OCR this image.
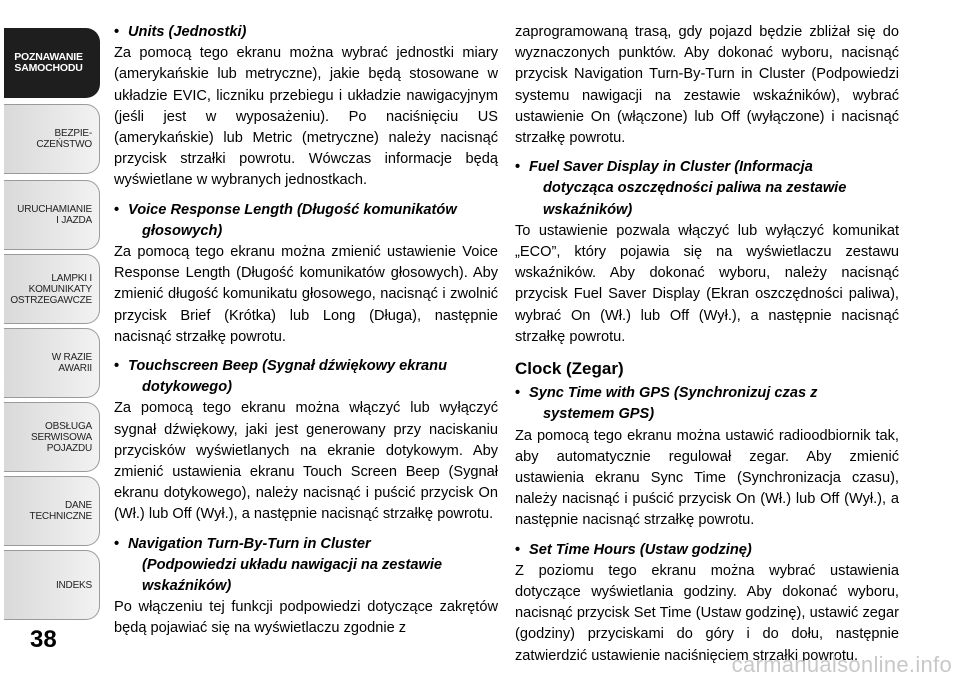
POZNAWANIE
SAMOCHODU
BEZPIE-
CZEŃSTWO
URUCHAMIANIE
I JAZDA
LAMPKI I
KOMUNIKATY
OSTRZEGAWCZE
W RAZIE
AWARII
OBSŁUGA
SERWISOWA
POJAZDU
DANE
TECHNICZNE
INDEKS
38

• Units (Jednostki)

Za pomocą tego ekranu można wybrać jednostki miary (amerykańskie lub metryczne), jakie będą stosowane w układzie EVIC, liczniku przebiegu i układzie nawigacyjnym (jeśli jest w wyposażeniu). Po naciśnięciu US (amerykańskie) lub Metric (metryczne) należy nacisnąć przycisk strzałki powrotu. Wówczas informacje będą wyświetlane w wybranych jednostkach.

• Voice Response Length (Długość komunikatów
głosowych)

Za pomocą tego ekranu można zmienić ustawienie Voice Response Length (Długość komunikatów głosowych). Aby zmienić długość komunikatu głosowego, nacisnąć i zwolnić przycisk Brief (Krótka) lub Long (Długa), następnie nacisnąć strzałkę powrotu.

• Touchscreen Beep (Sygnał dźwiękowy ekranu
dotykowego)

Za pomocą tego ekranu można włączyć lub wyłączyć sygnał dźwiękowy, jaki jest generowany przy naciskaniu przycisków wyświetlanych na ekranie dotykowym. Aby zmienić ustawienia ekranu Touch Screen Beep (Sygnał ekranu dotykowego), należy nacisnąć i puścić przycisk On (Wł.) lub Off (Wył.), a następnie nacisnąć strzałkę powrotu.

• Navigation Turn-By-Turn in Cluster
(Podpowiedzi układu nawigacji na zestawie
wskaźników)

Po włączeniu tej funkcji podpowiedzi dotyczące zakrętów będą pojawiać się na wyświetlaczu zgodnie z

zaprogramowaną trasą, gdy pojazd będzie zbliżał się do wyznaczonych punktów. Aby dokonać wyboru, nacisnąć przycisk Navigation Turn-By-Turn in Cluster (Podpowiedzi systemu nawigacji na zestawie wskaźników), wybrać ustawienie On (włączone) lub Off (wyłączone) i nacisnąć strzałkę powrotu.

• Fuel Saver Display in Cluster (Informacja
dotycząca oszczędności paliwa na zestawie
wskaźników)

To ustawienie pozwala włączyć lub wyłączyć komunikat „ECO”, który pojawia się na wyświetlaczu zestawu wskaźników. Aby dokonać wyboru, należy nacisnąć przycisk Fuel Saver Display (Ekran oszczędności paliwa), wybrać On (Wł.) lub Off (Wył.), a następnie nacisnąć strzałkę powrotu.

Clock (Zegar)

• Sync Time with GPS (Synchronizuj czas z
systemem GPS)

Za pomocą tego ekranu można ustawić radioodbiornik tak, aby automatycznie regulował zegar. Aby zmienić ustawienia ekranu Sync Time (Synchronizacja czasu), należy nacisnąć i puścić przycisk On (Wł.) lub Off (Wył.), a następnie nacisnąć strzałkę powrotu.

• Set Time Hours (Ustaw godzinę)

Z poziomu tego ekranu można wybrać ustawienia dotyczące wyświetlania godziny. Aby dokonać wyboru, nacisnąć przycisk Set Time (Ustaw godzinę), ustawić zegar (godziny) przyciskami do góry i do dołu, następnie zatwierdzić ustawienie naciśnięciem strzałki powrotu.

carmanualsonline.info
